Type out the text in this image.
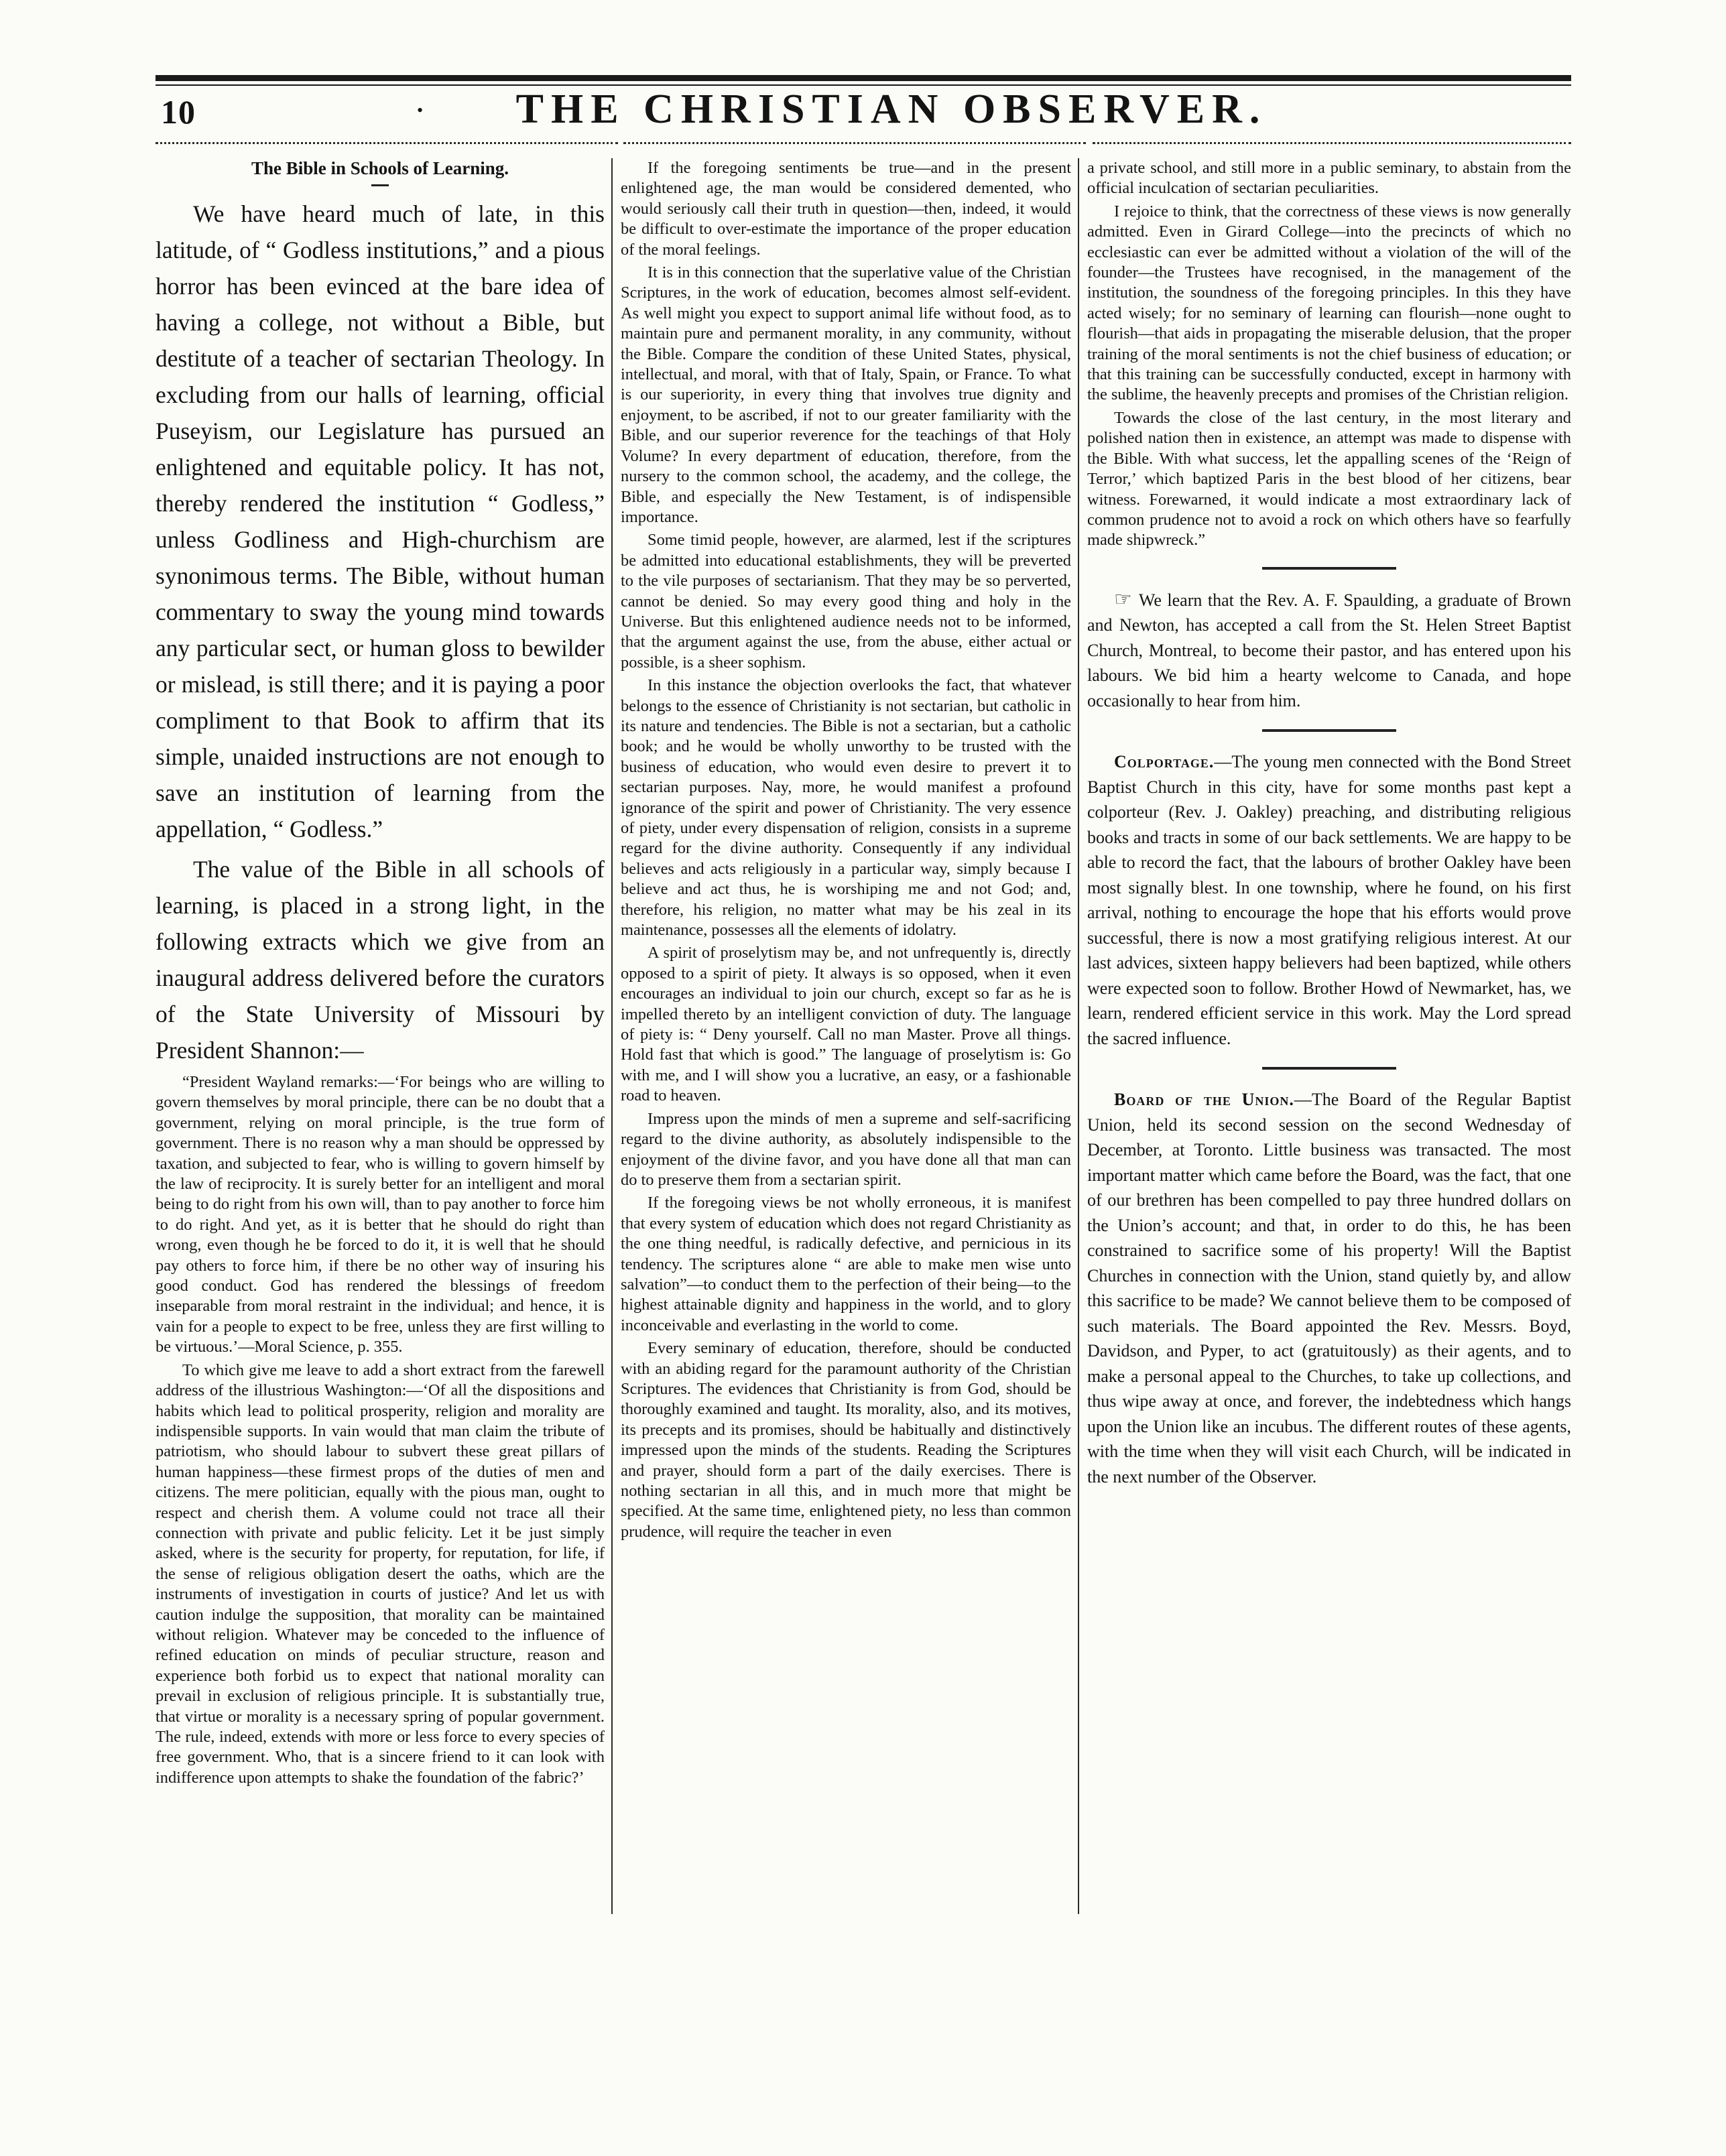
10	•	THE CHRISTIAN OBSERVER.
The Bible in Schools of Learning.

We have heard much of late, in this latitude, of “ Godless institutions,” and a pious horror has been evinced at the bare idea of having a college, not without a Bible, but destitute of a teacher of sectarian Theology. In excluding from our halls of learning, official Puseyism, our Legislature has pursued an enlightened and equitable policy. It has not, thereby rendered the institution “ Godless,” unless Godliness and High-churchism are synonimous terms. The Bible, without human commentary to sway the young mind towards any particular sect, or human gloss to bewilder or mislead, is still there; and it is paying a poor compliment to that Book to affirm that its simple, unaided instructions are not enough to save an institution of learning from the appellation, “ Godless.”

The value of the Bible in all schools of learning, is placed in a strong light, in the following extracts which we give from an inaugural address delivered before the curators of the State University of Missouri by President Shannon:—

“President Wayland remarks:—‘For beings who are willing to govern themselves by moral principle, there can be no doubt that a government, relying on moral principle, is the true form of government. There is no reason why a man should be oppressed by taxation, and subjected to fear, who is willing to govern himself by the law of reciprocity. It is surely better for an intelligent and moral being to do right from his own will, than to pay another to force him to do right. And yet, as it is better that he should do right than wrong, even though he be forced to do it, it is well that he should pay others to force him, if there be no other way of insuring his good conduct. God has rendered the blessings of freedom inseparable from moral restraint in the individual; and hence, it is vain for a people to expect to be free, unless they are first willing to be virtuous.’—Moral Science, p. 355.

To which give me leave to add a short extract from the farewell address of the illustrious Washington:—‘Of all the dispositions and habits which lead to political prosperity, religion and morality are indispensible supports. In vain would that man claim the tribute of patriotism, who should labour to subvert these great pillars of human happiness—these firmest props of the duties of men and citizens. The mere politician, equally with the pious man, ought to respect and cherish them. A volume could not trace all their connection with private and public felicity. Let it be just simply asked, where is the security for property, for reputation, for life, if the sense of religious obligation desert the oaths, which are the instruments of investigation in courts of justice? And let us with caution indulge the supposition, that morality can be maintained without religion. Whatever may be conceded to the influence of refined education on minds of peculiar structure, reason and experience both forbid us to expect that national morality can prevail in exclusion of religious principle. It is substantially true, that virtue or morality is a necessary spring of popular government. The rule, indeed, extends with more or less force to every species of free government. Who, that is a sincere friend to it can look with indifference upon attempts to shake the foundation of the fabric?’

If the foregoing sentiments be true—and in the present enlightened age, the man would be considered demented, who would seriously call their truth in question—then, indeed, it would be difficult to over-estimate the importance of the proper education of the moral feelings.

It is in this connection that the superlative value of the Christian Scriptures, in the work of education, becomes almost self-evident. As well might you expect to support animal life without food, as to maintain pure and permanent morality, in any community, without the Bible. Compare the condition of these United States, physical, intellectual, and moral, with that of Italy, Spain, or France. To what is our superiority, in every thing that involves true dignity and enjoyment, to be ascribed, if not to our greater familiarity with the Bible, and our superior reverence for the teachings of that Holy Volume? In every department of education, therefore, from the nursery to the common school, the academy, and the college, the Bible, and especially the New Testament, is of indispensible importance.

Some timid people, however, are alarmed, lest if the scriptures be admitted into educational establishments, they will be preverted to the vile purposes of sectarianism. That they may be so perverted, cannot be denied. So may every good thing and holy in the Universe. But this enlightened audience needs not to be informed, that the argument against the use, from the abuse, either actual or possible, is a sheer sophism.

In this instance the objection overlooks the fact, that whatever belongs to the essence of Christianity is not sectarian, but catholic in its nature and tendencies. The Bible is not a sectarian, but a catholic book; and he would be wholly unworthy to be trusted with the business of education, who would even desire to prevert it to sectarian purposes. Nay, more, he would manifest a profound ignorance of the spirit and power of Christianity. The very essence of piety, under every dispensation of religion, consists in a supreme regard for the divine authority. Consequently if any individual believes and acts religiously in a particular way, simply because I believe and act thus, he is worshiping me and not God; and, therefore, his religion, no matter what may be his zeal in its maintenance, possesses all the elements of idolatry.

A spirit of proselytism may be, and not unfrequently is, directly opposed to a spirit of piety. It always is so opposed, when it even encourages an individual to join our church, except so far as he is impelled thereto by an intelligent conviction of duty. The language of piety is: “ Deny yourself. Call no man Master. Prove all things. Hold fast that which is good.” The language of proselytism is: Go with me, and I will show you a lucrative, an easy, or a fashionable road to heaven.

Impress upon the minds of men a supreme and self-sacrificing regard to the divine authority, as absolutely indispensible to the enjoyment of the divine favor, and you have done all that man can do to preserve them from a sectarian spirit.

If the foregoing views be not wholly erroneous, it is manifest that every system of education which does not regard Christianity as the one thing needful, is radically defective, and pernicious in its tendency. The scriptures alone “ are able to make men wise unto salvation”—to conduct them to the perfection of their being—to the highest attainable dignity and happiness in the world, and to glory inconceivable and everlasting in the world to come.

Every seminary of education, therefore, should be conducted with an abiding regard for the paramount authority of the Christian Scriptures. The evidences that Christianity is from God, should be thoroughly examined and taught. Its morality, also, and its motives, its precepts and its promises, should be habitually and distinctively impressed upon the minds of the students. Reading the Scriptures and prayer, should form a part of the daily exercises. There is nothing sectarian in all this, and in much more that might be specified. At the same time, enlightened piety, no less than common prudence, will require the teacher in even

a private school, and still more in a public seminary, to abstain from the official inculcation of sectarian peculiarities.

I rejoice to think, that the correctness of these views is now generally admitted. Even in Girard College—into the precincts of which no ecclesiastic can ever be admitted without a violation of the will of the founder—the Trustees have recognised, in the management of the institution, the soundness of the foregoing principles. In this they have acted wisely; for no seminary of learning can flourish—none ought to flourish—that aids in propagating the miserable delusion, that the proper training of the moral sentiments is not the chief business of education; or that this training can be successfully conducted, except in harmony with the sublime, the heavenly precepts and promises of the Christian religion.

Towards the close of the last century, in the most literary and polished nation then in existence, an attempt was made to dispense with the Bible. With what success, let the appalling scenes of the ‘Reign of Terror,’ which baptized Paris in the best blood of her citizens, bear witness. Forewarned, it would indicate a most extraordinary lack of common prudence not to avoid a rock on which others have so fearfully made shipwreck.”

☞ We learn that the Rev. A. F. Spaulding, a graduate of Brown and Newton, has accepted a call from the St. Helen Street Baptist Church, Montreal, to become their pastor, and has entered upon his labours. We bid him a hearty welcome to Canada, and hope occasionally to hear from him.

Colportage.—The young men connected with the Bond Street Baptist Church in this city, have for some months past kept a colporteur (Rev. J. Oakley) preaching, and distributing religious books and tracts in some of our back settlements. We are happy to be able to record the fact, that the labours of brother Oakley have been most signally blest. In one township, where he found, on his first arrival, nothing to encourage the hope that his efforts would prove successful, there is now a most gratifying religious interest. At our last advices, sixteen happy believers had been baptized, while others were expected soon to follow. Brother Howd of Newmarket, has, we learn, rendered efficient service in this work. May the Lord spread the sacred influence.

Board of the Union.—The Board of the Regular Baptist Union, held its second session on the second Wednesday of December, at Toronto. Little business was transacted. The most important matter which came before the Board, was the fact, that one of our brethren has been compelled to pay three hundred dollars on the Union’s account; and that, in order to do this, he has been constrained to sacrifice some of his property! Will the Baptist Churches in connection with the Union, stand quietly by, and allow this sacrifice to be made? We cannot believe them to be composed of such materials. The Board appointed the Rev. Messrs. Boyd, Davidson, and Pyper, to act (gratuitously) as their agents, and to make a personal appeal to the Churches, to take up collections, and thus wipe away at once, and forever, the indebtedness which hangs upon the Union like an incubus. The different routes of these agents, with the time when they will visit each Church, will be indicated in the next number of the Observer.
